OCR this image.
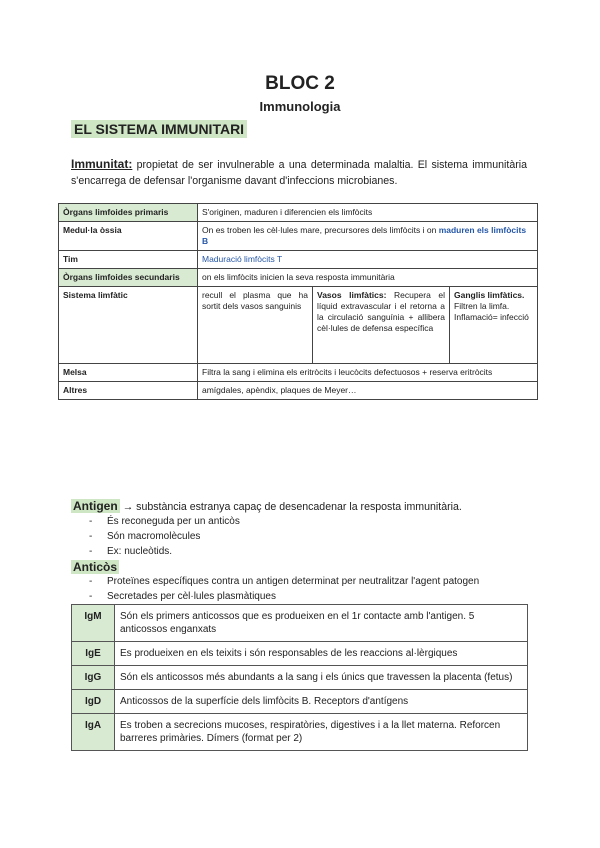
BLOC 2
Immunologia
EL SISTEMA IMMUNITARI
Immunitat: propietat de ser invulnerable a una determinada malaltia. El sistema immunitària s'encarrega de defensar l'organisme davant d'infeccions microbianes.
Òrgans limfoides primaris	S'originen, maduren i diferencien els limfòcits		
Medul·la òssia	On es troben les cèl·lules mare, precursores dels limfòcits i on maduren els limfòcits B		
Tim	Maduració limfòcits T		
Òrgans limfoides secundaris	on els limfòcits inicien la seva resposta immunitària		
Sistema limfàtic	recull el plasma que ha sortit dels vasos sanguinis	Vasos limfàtics: Recupera el líquid extravascular i el retorna a la circulació sanguínia + allibera cèl·lules de defensa específica	Ganglis limfàtics.
Filtren la limfa.
Inflamació= infecció
Melsa	Filtra la sang i elimina els eritròcits i leucòcits defectuosos + reserva eritròcits		
Altres	amígdales, apèndix, plaques de Meyer…		
Antigen → substància estranya capaç de desencadenar la resposta immunitària.
- És reconeguda per un anticòs
- Són macromolècules
- Ex: nucleòtids.
Anticòs
- Proteïnes específiques contra un antigen determinat per neutralitzar l'agent patogen
- Secretades per cèl·lules plasmàtiques
IgM	Són els primers anticossos que es produeixen en el 1r contacte amb l'antigen. 5 anticossos enganxats
IgE	Es produeixen en els teixits i són responsables de les reaccions al·lèrgiques
IgG	Són els anticossos més abundants a la sang i els únics que travessen la placenta (fetus)
IgD	Anticossos de la superfície dels limfòcits B. Receptors d'antígens
IgA	Es troben a secrecions mucoses, respiratòries, digestives i a la llet materna. Reforcen barreres primàries. Dímers (format per 2)
